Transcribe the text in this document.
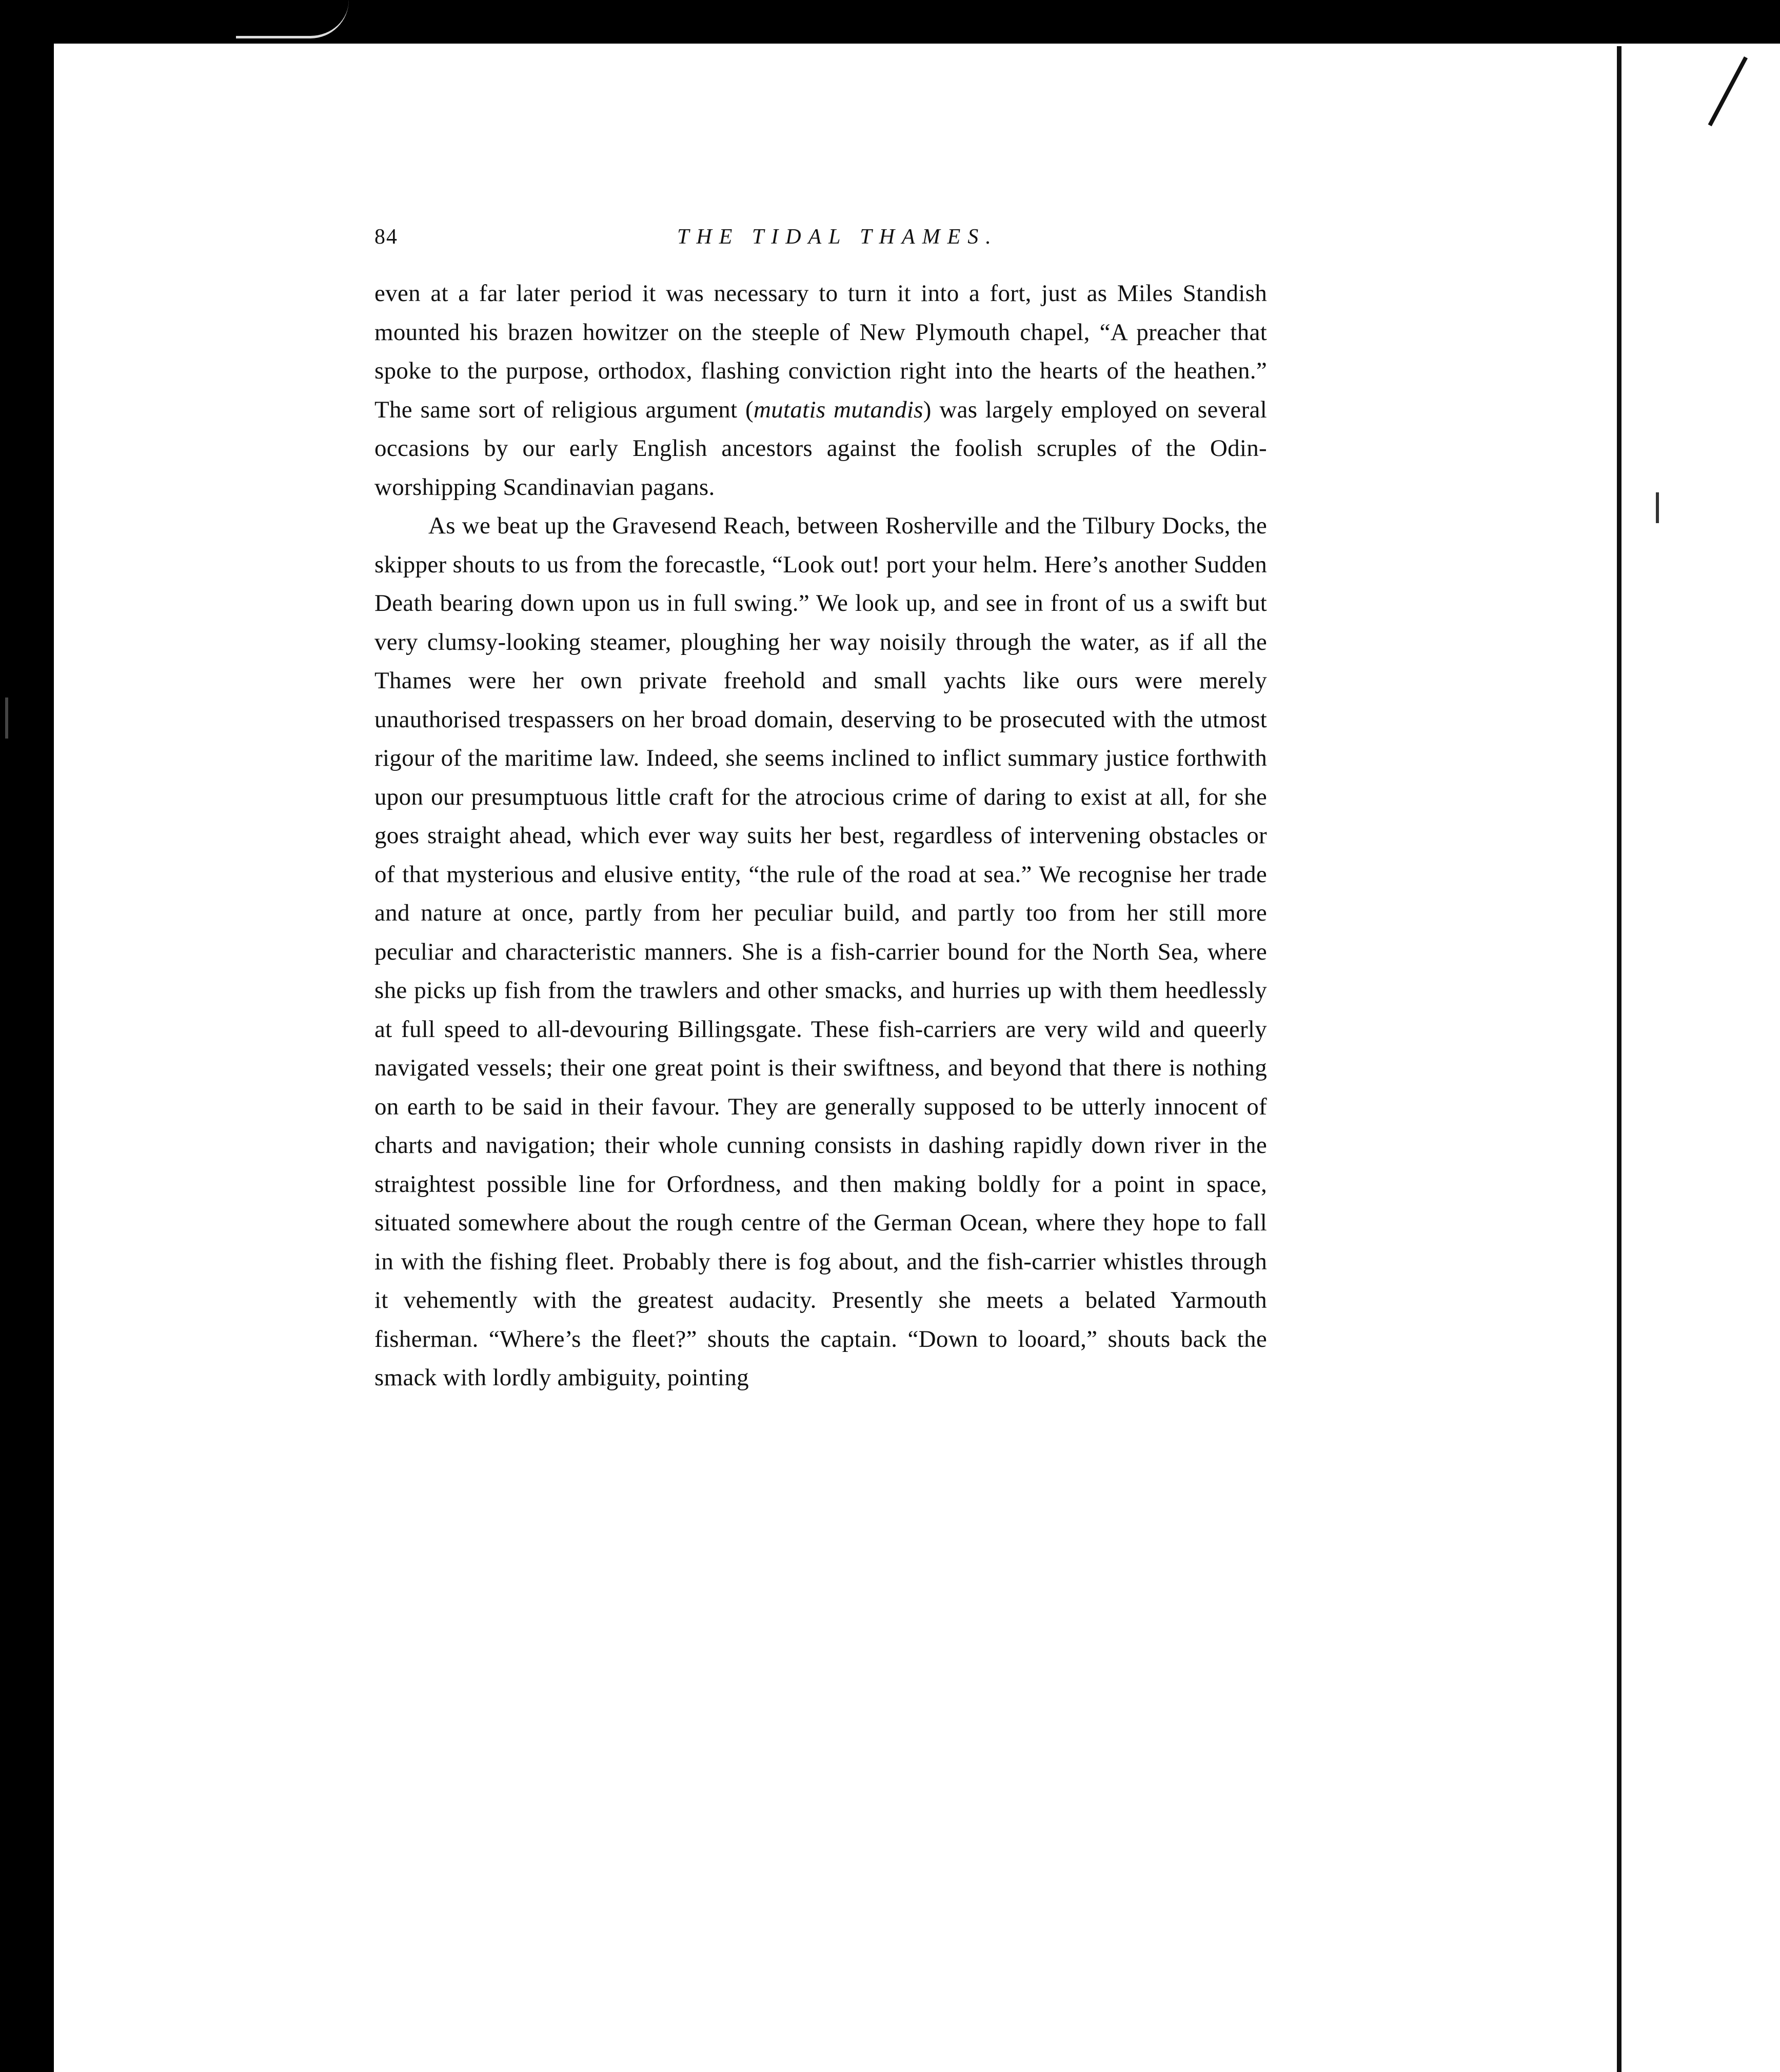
84	THE TIDAL THAMES.

even at a far later period it was necessary to turn it into a fort, just as Miles Standish mounted his brazen howitzer on the steeple of New Plymouth chapel, “A preacher that spoke to the purpose, orthodox, flashing conviction right into the hearts of the heathen.” The same sort of religious argument (mutatis mutandis) was largely employed on several occasions by our early English ancestors against the foolish scruples of the Odin-worshipping Scandinavian pagans.

As we beat up the Gravesend Reach, between Rosherville and the Tilbury Docks, the skipper shouts to us from the forecastle, “Look out! port your helm. Here’s another Sudden Death bearing down upon us in full swing.” We look up, and see in front of us a swift but very clumsy-looking steamer, ploughing her way noisily through the water, as if all the Thames were her own private freehold and small yachts like ours were merely unauthorised trespassers on her broad domain, deserving to be prosecuted with the utmost rigour of the maritime law. Indeed, she seems inclined to inflict summary justice forthwith upon our presumptuous little craft for the atrocious crime of daring to exist at all, for she goes straight ahead, which ever way suits her best, regardless of intervening obstacles or of that mysterious and elusive entity, “the rule of the road at sea.” We recognise her trade and nature at once, partly from her peculiar build, and partly too from her still more peculiar and characteristic manners. She is a fish-carrier bound for the North Sea, where she picks up fish from the trawlers and other smacks, and hurries up with them heedlessly at full speed to all-devouring Billingsgate. These fish-carriers are very wild and queerly navigated vessels; their one great point is their swiftness, and beyond that there is nothing on earth to be said in their favour. They are generally supposed to be utterly innocent of charts and navigation; their whole cunning consists in dashing rapidly down river in the straightest possible line for Orfordness, and then making boldly for a point in space, situated somewhere about the rough centre of the German Ocean, where they hope to fall in with the fishing fleet. Probably there is fog about, and the fish-carrier whistles through it vehemently with the greatest audacity. Presently she meets a belated Yarmouth fisherman. “Where’s the fleet?” shouts the captain. “Down to looard,” shouts back the smack with lordly ambiguity, pointing
